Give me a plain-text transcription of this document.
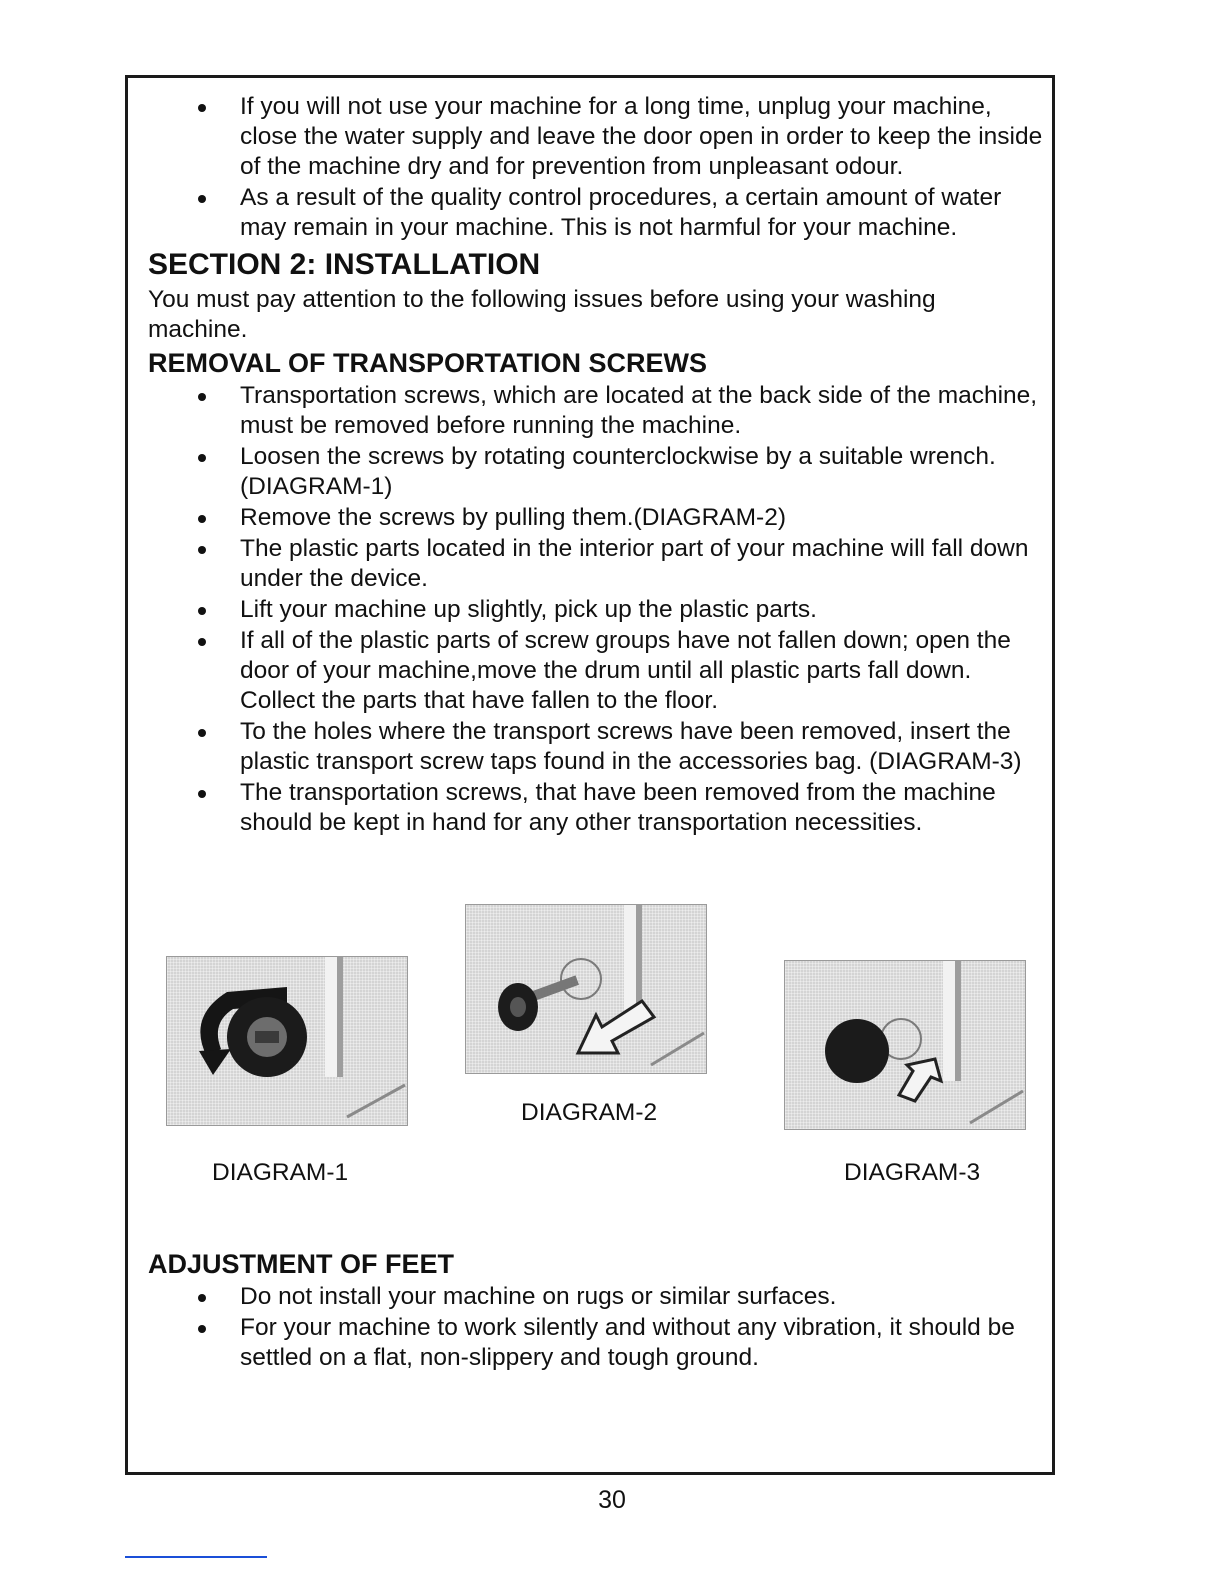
If you will not use your machine for a long time, unplug your machine, close the water supply and leave the door open in order to keep the inside of the machine dry and for prevention from unpleasant odour.
As a result of the quality control procedures, a certain amount of water may remain in your machine. This is not harmful for your machine.
SECTION 2: INSTALLATION
You must pay attention to the following issues before using your washing machine.
REMOVAL OF TRANSPORTATION SCREWS
Transportation screws, which are located at the back side of the machine, must be removed before running the machine.
Loosen the screws by rotating counterclockwise by a suitable wrench. (DIAGRAM-1)
Remove the screws by pulling them.(DIAGRAM-2)
The plastic parts located in the interior part of your machine will fall down under the device.
Lift your machine up slightly, pick up the plastic parts.
If all of the plastic parts of screw groups have not fallen down; open the door of your machine,move the drum until all plastic parts fall down. Collect the parts that have fallen to the floor.
To the holes where the transport screws have been removed, insert the plastic transport screw taps found in the accessories bag. (DIAGRAM-3)
The transportation screws, that have been removed from the machine should be kept in hand for any other transportation necessities.
DIAGRAM-1
DIAGRAM-2
DIAGRAM-3
ADJUSTMENT OF FEET
Do not install your machine on rugs or similar surfaces.
For your machine to work silently and without any vibration, it should be settled on a flat, non-slippery and tough ground.
30
